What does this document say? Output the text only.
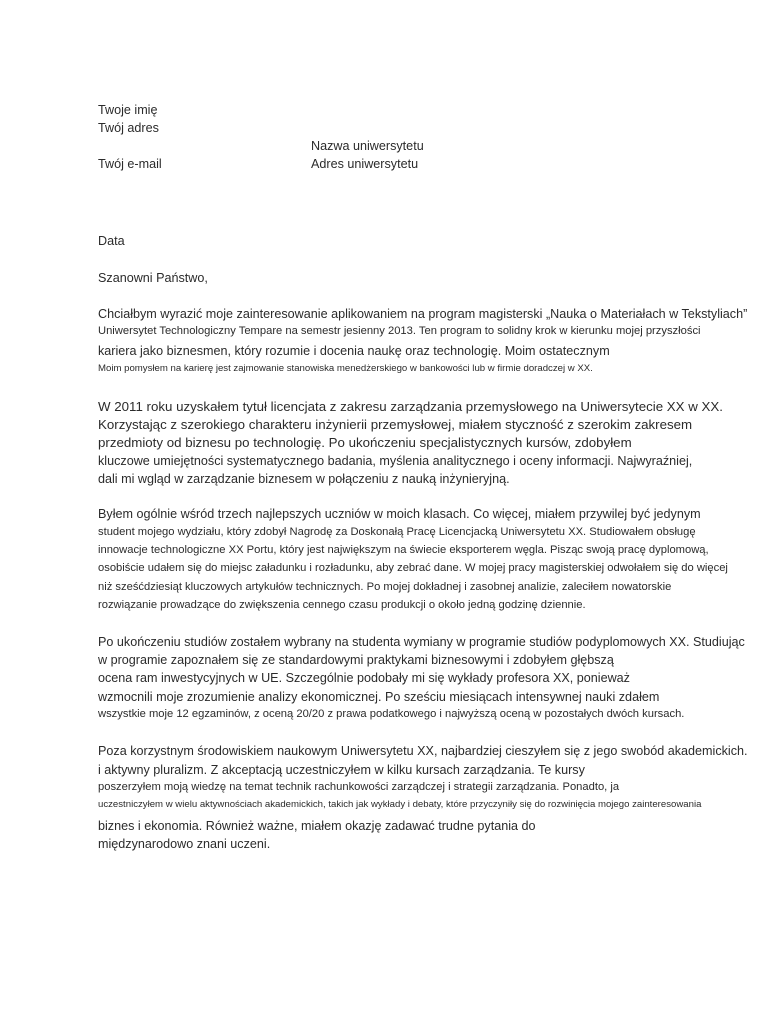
Twoje imię

Twój adres

Nazwa uniwersytetu

Twój e-mail	Adres uniwersytetu

Data

Szanowni Państwo,

Chciałbym wyrazić moje zainteresowanie aplikowaniem na program magisterski „Nauka o Materiałach w Tekstyliach”

Uniwersytet Technologiczny Tempare na semestr jesienny 2013. Ten program to solidny krok w kierunku mojej przyszłości

kariera jako biznesmen, który rozumie i docenia naukę oraz technologię. Moim ostatecznym

Moim pomysłem na karierę jest zajmowanie stanowiska menedżerskiego w bankowości lub w firmie doradczej w XX.

W 2011 roku uzyskałem tytuł licencjata z zakresu zarządzania przemysłowego na Uniwersytecie XX w XX.

Korzystając z szerokiego charakteru inżynierii przemysłowej, miałem styczność z szerokim zakresem

przedmioty od biznesu po technologię. Po ukończeniu specjalistycznych kursów, zdobyłem

kluczowe umiejętności systematycznego badania, myślenia analitycznego i oceny informacji. Najwyraźniej,

dali mi wgląd w zarządzanie biznesem w połączeniu z nauką inżynieryjną.

Byłem ogólnie wśród trzech najlepszych uczniów w moich klasach. Co więcej, miałem przywilej być jedynym

student mojego wydziału, który zdobył Nagrodę za Doskonałą Pracę Licencjacką Uniwersytetu XX. Studiowałem obsługę

innowacje technologiczne XX Portu, który jest największym na świecie eksporterem węgla. Pisząc swoją pracę dyplomową,

osobiście udałem się do miejsc załadunku i rozładunku, aby zebrać dane. W mojej pracy magisterskiej odwołałem się do więcej

niż sześćdziesiąt kluczowych artykułów technicznych. Po mojej dokładnej i zasobnej analizie, zaleciłem nowatorskie

rozwiązanie prowadzące do zwiększenia cennego czasu produkcji o około jedną godzinę dziennie.

Po ukończeniu studiów zostałem wybrany na studenta wymiany w programie studiów podyplomowych XX. Studiując

w programie zapoznałem się ze standardowymi praktykami biznesowymi i zdobyłem głębszą

ocena ram inwestycyjnych w UE. Szczególnie podobały mi się wykłady profesora XX, ponieważ

wzmocnili moje zrozumienie analizy ekonomicznej. Po sześciu miesiącach intensywnej nauki zdałem

wszystkie moje 12 egzaminów, z oceną 20/20 z prawa podatkowego i najwyższą oceną w pozostałych dwóch kursach.

Poza korzystnym środowiskiem naukowym Uniwersytetu XX, najbardziej cieszyłem się z jego swobód akademickich.

i aktywny pluralizm. Z akceptacją uczestniczyłem w kilku kursach zarządzania. Te kursy

poszerzyłem moją wiedzę na temat technik rachunkowości zarządczej i strategii zarządzania. Ponadto, ja

uczestniczyłem w wielu aktywnościach akademickich, takich jak wykłady i debaty, które przyczyniły się do rozwinięcia mojego zainteresowania

biznes i ekonomia. Również ważne, miałem okazję zadawać trudne pytania do

międzynarodowo znani uczeni.
